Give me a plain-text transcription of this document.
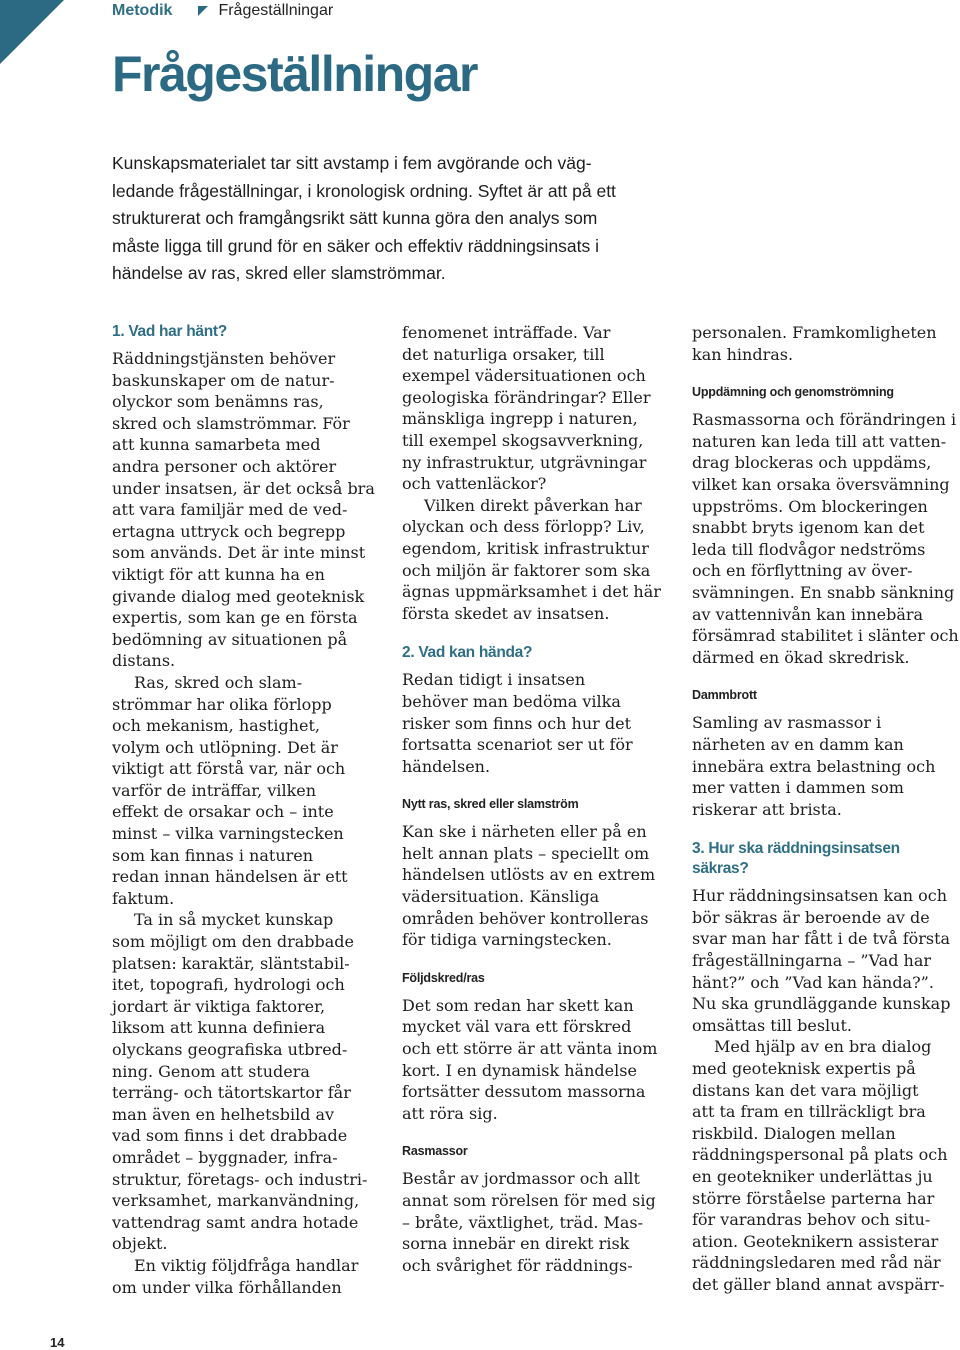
Metodik	Frågeställningar
Frågeställningar

Kunskapsmaterialet tar sitt avstamp i fem avgörande och väg-
ledande frågeställningar, i kronologisk ordning. Syftet är att på ett
strukturerat och framgångsrikt sätt kunna göra den analys som
måste ligga till grund för en säker och effektiv räddningsinsats i
händelse av ras, skred eller slamströmmar.

1. Vad har hänt?

Räddningstjänsten behöver
baskunskaper om de natur-
olyckor som benämns ras,
skred och slamströmmar. För
att kunna samarbeta med
andra personer och aktörer
under insatsen, är det också bra
att vara familjär med de ved-
ertagna uttryck och begrepp
som används. Det är inte minst
viktigt för att kunna ha en
givande dialog med geoteknisk
expertis, som kan ge en första
bedömning av situationen på
distans.

Ras, skred och slam-
strömmar har olika förlopp
och mekanism, hastighet,
volym och utlöpning. Det är
viktigt att förstå var, när och
varför de inträffar, vilken
effekt de orsakar och – inte
minst – vilka varningstecken
som kan finnas i naturen
redan innan händelsen är ett
faktum.

Ta in så mycket kunskap
som möjligt om den drabbade
platsen: karaktär, släntstabil-
itet, topografi, hydrologi och
jordart är viktiga faktorer,
liksom att kunna definiera
olyckans geografiska utbred-
ning. Genom att studera
terräng- och tätortskartor får
man även en helhetsbild av
vad som finns i det drabbade
området – byggnader, infra-
struktur, företags- och industri-
verksamhet, markanvändning,
vattendrag samt andra hotade
objekt.

En viktig följdfråga handlar
om under vilka förhållanden

fenomenet inträffade. Var
det naturliga orsaker, till
exempel vädersituationen och
geologiska förändringar? Eller
mänskliga ingrepp i naturen,
till exempel skogsavverkning,
ny infrastruktur, utgrävningar
och vattenläckor?

Vilken direkt påverkan har
olyckan och dess förlopp? Liv,
egendom, kritisk infrastruktur
och miljön är faktorer som ska
ägnas uppmärksamhet i det här
första skedet av insatsen.

2. Vad kan hända?

Redan tidigt i insatsen
behöver man bedöma vilka
risker som finns och hur det
fortsatta scenariot ser ut för
händelsen.

Nytt ras, skred eller slamström

Kan ske i närheten eller på en
helt annan plats – speciellt om
händelsen utlösts av en extrem
vädersituation. Känsliga
områden behöver kontrolleras
för tidiga varningstecken.

Följdskred/ras

Det som redan har skett kan
mycket väl vara ett förskred
och ett större är att vänta inom
kort. I en dynamisk händelse
fortsätter dessutom massorna
att röra sig.

Rasmassor

Består av jordmassor och allt
annat som rörelsen för med sig
– bråte, växtlighet, träd. Mas-
sorna innebär en direkt risk
och svårighet för räddnings-

personalen. Framkomligheten
kan hindras.

Uppdämning och genomströmning

Rasmassorna och förändringen i
naturen kan leda till att vatten-
drag blockeras och uppdäms,
vilket kan orsaka översvämning
uppströms. Om blockeringen
snabbt bryts igenom kan det
leda till flodvågor nedströms
och en förflyttning av över-
svämningen. En snabb sänkning
av vattennivån kan innebära
försämrad stabilitet i slänter och
därmed en ökad skredrisk.

Dammbrott

Samling av rasmassor i
närheten av en damm kan
innebära extra belastning och
mer vatten i dammen som
riskerar att brista.

3. Hur ska räddningsinsatsen säkras?

Hur räddningsinsatsen kan och
bör säkras är beroende av de
svar man har fått i de två första
frågeställningarna – ”Vad har
hänt?” och ”Vad kan hända?”.
Nu ska grundläggande kunskap
omsättas till beslut.

Med hjälp av en bra dialog
med geoteknisk expertis på
distans kan det vara möjligt
att ta fram en tillräckligt bra
riskbild. Dialogen mellan
räddningspersonal på plats och
en geotekniker underlättas ju
större förståelse parterna har
för varandras behov och situ-
ation. Geoteknikern assisterar
räddningsledaren med råd när
det gäller bland annat avspärr-

14
